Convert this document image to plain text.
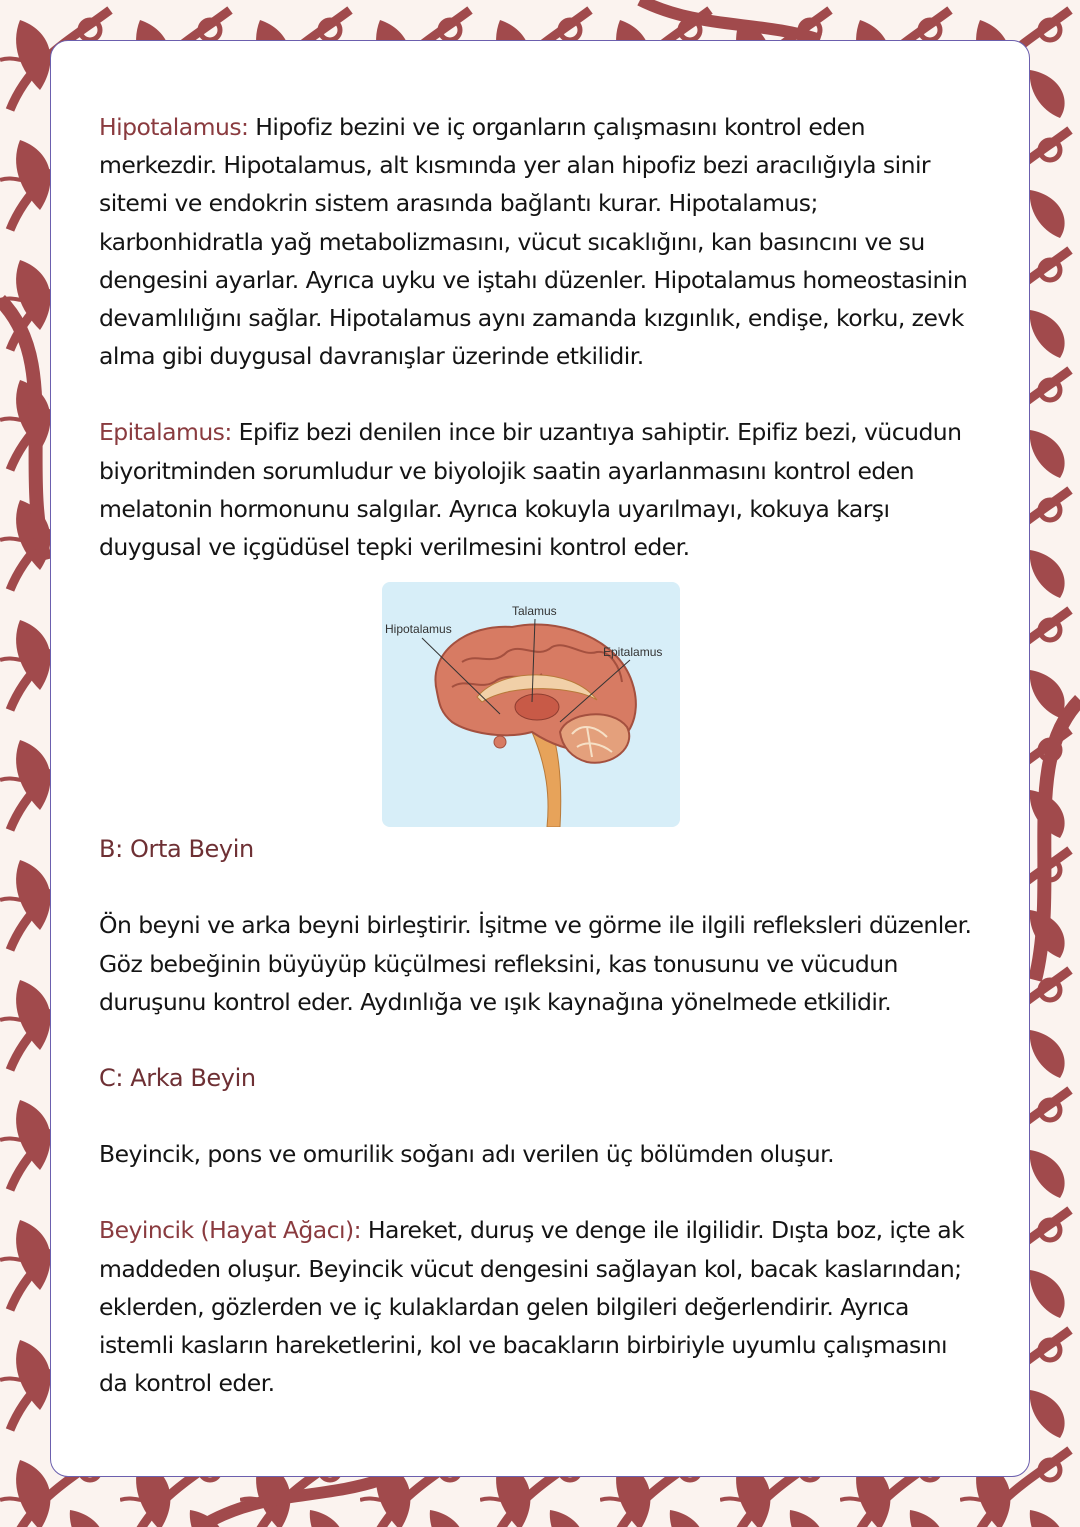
Hipotalamus: Hipofiz bezini ve iç organların çalışmasını kontrol eden merkezdir. Hipotalamus, alt kısmında yer alan hipofiz bezi aracılığıyla sinir sitemi ve endokrin sistem arasında bağlantı kurar. Hipotalamus; karbonhidratla yağ metabolizmasını, vücut sıcaklığını, kan basıncını ve su dengesini ayarlar. Ayrıca uyku ve iştahı düzenler. Hipotalamus homeostasinin devamlılığını sağlar. Hipotalamus aynı zamanda kızgınlık, endişe, korku, zevk alma gibi duygusal davranışlar üzerinde etkilidir.

Epitalamus: Epifiz bezi denilen ince bir uzantıya sahiptir. Epifiz bezi, vücudun biyoritminden sorumludur ve biyolojik saatin ayarlanmasını kontrol eden melatonin hormonunu salgılar. Ayrıca kokuyla uyarılmayı, kokuya karşı duygusal ve içgüdüsel tepki verilmesini kontrol eder.

Talamus
Hipotalamus
Epitalamus

B: Orta Beyin

Ön beyni ve arka beyni birleştirir. İşitme ve görme ile ilgili refleksleri düzenler. Göz bebeğinin büyüyüp küçülmesi refleksini, kas tonusunu ve vücudun duruşunu kontrol eder. Aydınlığa ve ışık kaynağına yönelmede etkilidir.

C: Arka Beyin

Beyincik, pons ve omurilik soğanı adı verilen üç bölümden oluşur.

Beyincik (Hayat Ağacı): Hareket, duruş ve denge ile ilgilidir. Dışta boz, içte ak maddeden oluşur. Beyincik vücut dengesini sağlayan kol, bacak kaslarından; eklerden, gözlerden ve iç kulaklardan gelen bilgileri değerlendirir. Ayrıca istemli kasların hareketlerini, kol ve bacakların birbiriyle uyumlu çalışmasını da kontrol eder.
